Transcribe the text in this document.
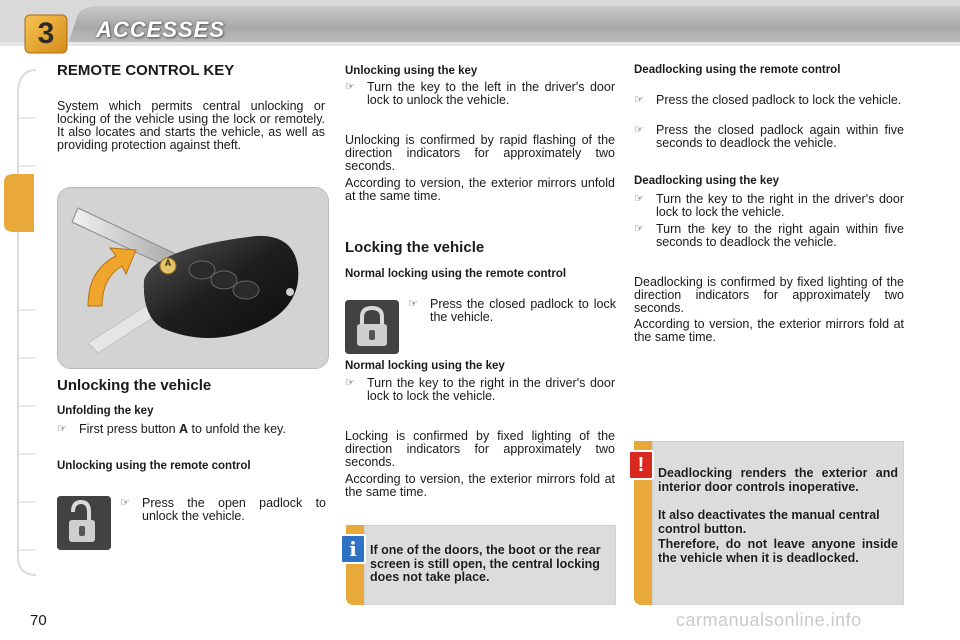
3	ACCESSES
REMOTE CONTROL KEY
System which permits central unlocking or locking of the vehicle using the lock or remotely. It also locates and starts the vehicle, as well as providing protection against theft.
A
Unlocking the vehicle
Unfolding the key
☞ First press button A to unfold the key.
Unlocking using the remote control
☞ Press the open padlock to unlock the vehicle.
Unlocking using the key
☞ Turn the key to the left in the driver's door lock to unlock the vehicle.
Unlocking is confirmed by rapid flashing of the direction indicators for approximately two seconds.
According to version, the exterior mirrors unfold at the same time.
Locking the vehicle
Normal locking using the remote control
☞ Press the closed padlock to lock the vehicle.
Normal locking using the key
☞ Turn the key to the right in the driver's door lock to lock the vehicle.
Locking is confirmed by fixed lighting of the direction indicators for approximately two seconds.
According to version, the exterior mirrors fold at the same time.
i	If one of the doors, the boot or the rear screen is still open, the central locking does not take place.
Deadlocking using the remote control
☞ Press the closed padlock to lock the vehicle.
☞ Press the closed padlock again within five seconds to deadlock the vehicle.
Deadlocking using the key
☞ Turn the key to the right in the driver's door lock to lock the vehicle.
☞ Turn the key to the right again within five seconds to deadlock the vehicle.
Deadlocking is confirmed by fixed lighting of the direction indicators for approximately two seconds.
According to version, the exterior mirrors fold at the same time.
!	Deadlocking renders the exterior and interior door controls inoperative.
It also deactivates the manual central control button.
Therefore, do not leave anyone inside the vehicle when it is deadlocked.
70	carmanualsonline.info
